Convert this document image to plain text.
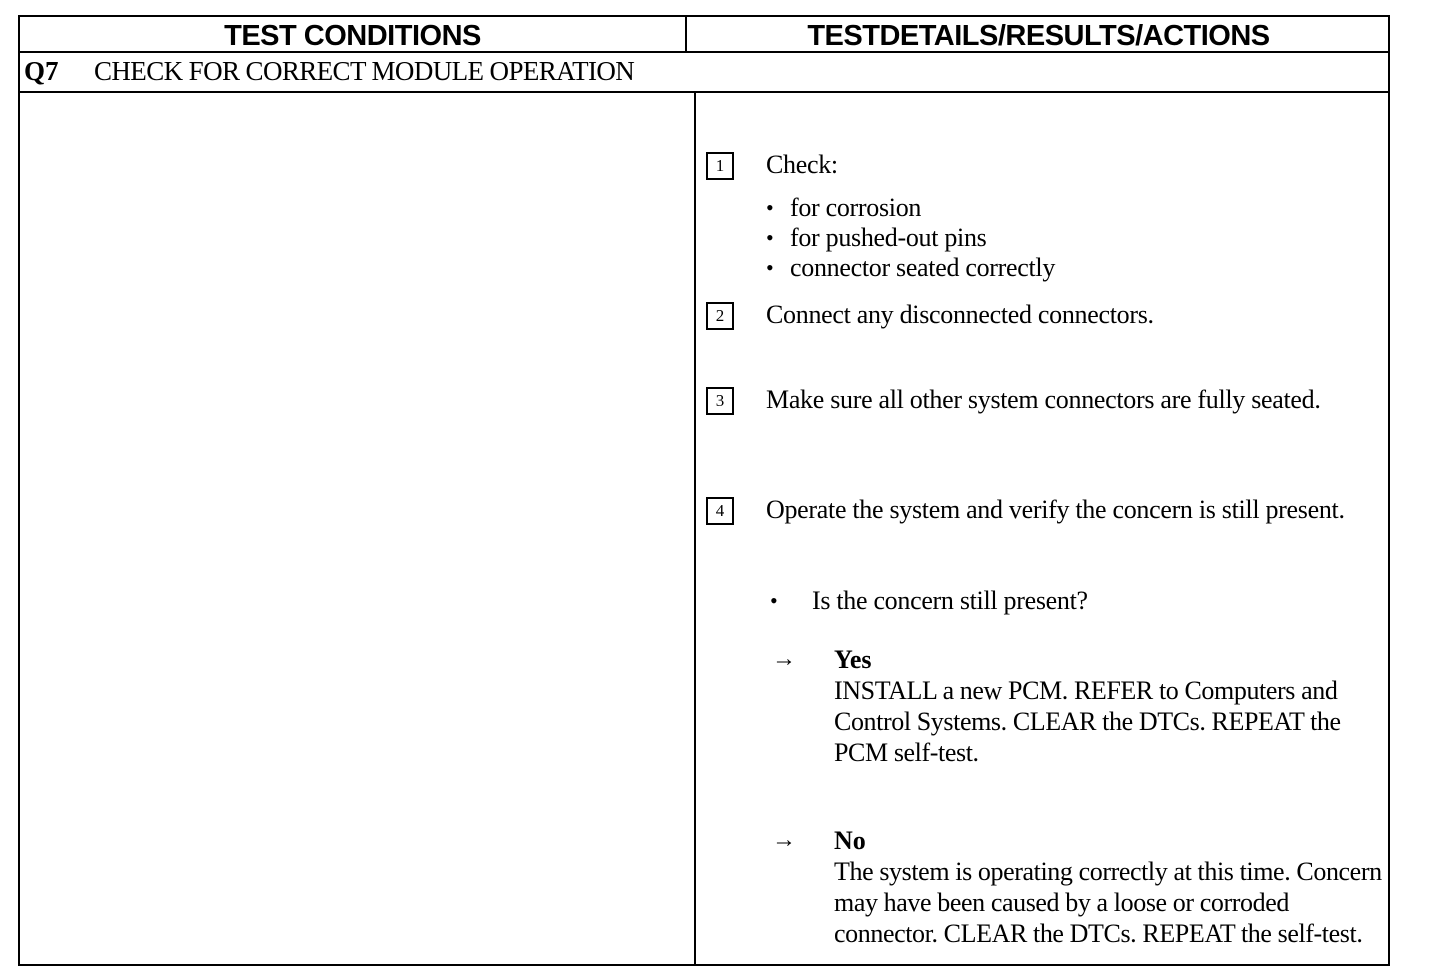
TEST CONDITIONS	TESTDETAILS/RESULTS/ACTIONS
Q7 CHECK FOR CORRECT MODULE OPERATION
1	Check:
• for corrosion
• for pushed-out pins
• connector seated correctly
2	Connect any disconnected connectors.
3	Make sure all other system connectors are fully seated.
4	Operate the system and verify the concern is still present.
• Is the concern still present?
→ Yes
INSTALL a new PCM. REFER to Computers and Control Systems. CLEAR the DTCs. REPEAT the PCM self-test.
→ No
The system is operating correctly at this time. Concern may have been caused by a loose or corroded connector. CLEAR the DTCs. REPEAT the self-test.
